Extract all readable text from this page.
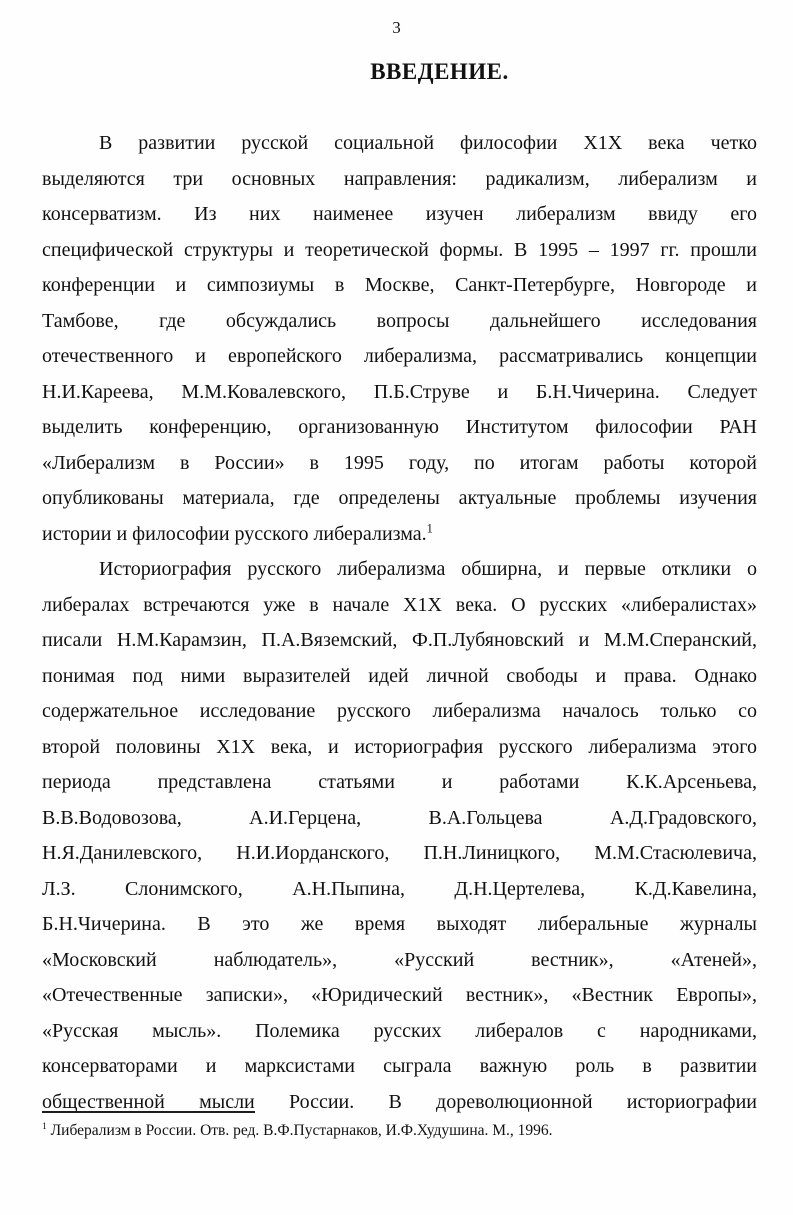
3
ВВЕДЕНИЕ.
В развитии русской социальной философии Х1Х века четко
выделяются три основных направления: радикализм, либерализм и
консерватизм. Из них наименее изучен либерализм ввиду его
специфической структуры и теоретической формы. В 1995 – 1997 гг. прошли
конференции и симпозиумы в Москве, Санкт-Петербурге, Новгороде и
Тамбове, где обсуждались вопросы дальнейшего исследования
отечественного и европейского либерализма, рассматривались концепции
Н.И.Кареева, М.М.Ковалевского, П.Б.Струве и Б.Н.Чичерина. Следует
выделить конференцию, организованную Институтом философии РАН
«Либерализм в России» в 1995 году, по итогам работы которой
опубликованы материала, где определены актуальные проблемы изучения
истории и философии русского либерализма.$^1$
Историография русского либерализма обширна, и первые отклики о
либералах встречаются уже в начале Х1Х века. О русских «либералистах»
писали Н.М.Карамзин, П.А.Вяземский, Ф.П.Лубяновский и М.М.Сперанский,
понимая под ними выразителей идей личной свободы и права. Однако
содержательное исследование русского либерализма началось только со
второй половины Х1Х века, и историография русского либерализма этого
периода представлена статьями и работами К.К.Арсеньева,
В.В.Водовозова, А.И.Герцена, В.А.Гольцева А.Д.Градовского,
Н.Я.Данилевского, Н.И.Иорданского, П.Н.Линицкого, М.М.Стасюлевича,
Л.З. Слонимского, А.Н.Пыпина, Д.Н.Цертелева, К.Д.Кавелина,
Б.Н.Чичерина. В это же время выходят либеральные журналы
«Московский наблюдатель», «Русский вестник», «Атеней»,
«Отечественные записки», «Юридический вестник», «Вестник Европы»,
«Русская мысль». Полемика русских либералов с народниками,
консерваторами и марксистами сыграла важную роль в развитии
общественной мысли России. В дореволюционной историографии
$^1$ Либерализм в России. Отв. ред. В.Ф.Пустарнаков, И.Ф.Худушина. М., 1996.
